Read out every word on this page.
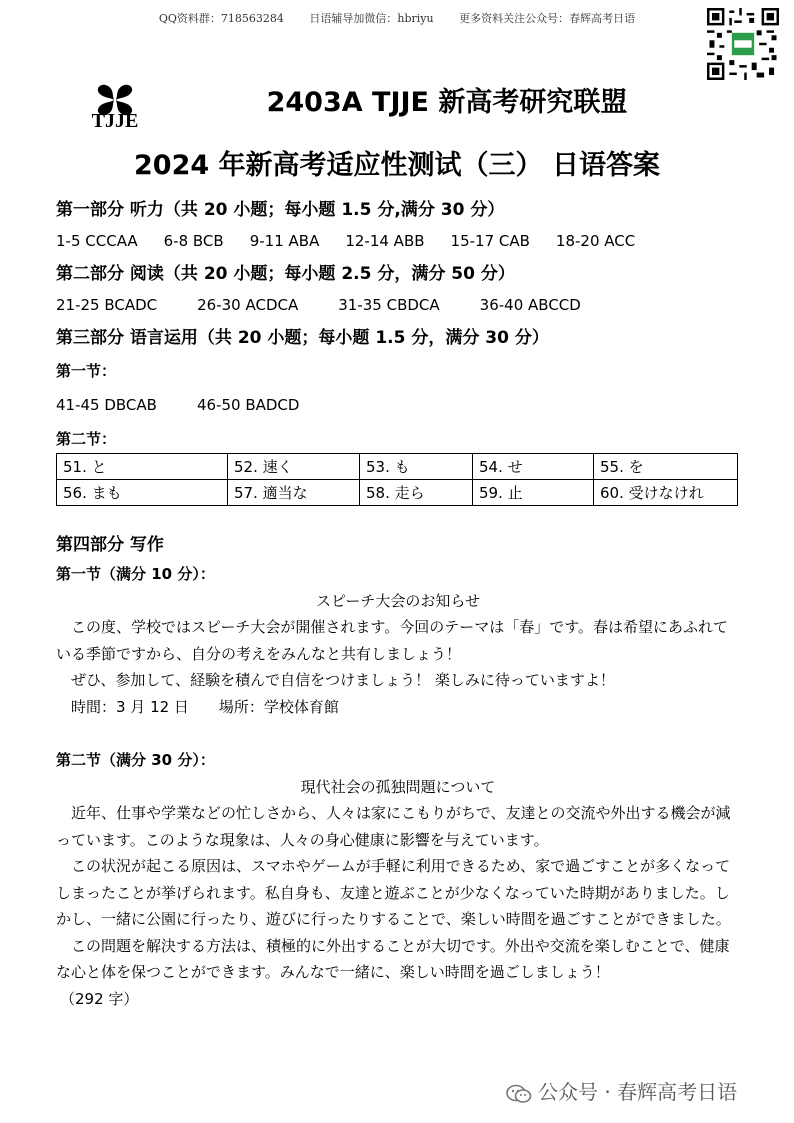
QQ资料群：718563284 日语辅导加微信：hbriyu 更多资料关注公众号：春辉高考日语
TJJE
2403A TJJE 新高考研究联盟
2024 年新高考适应性测试（三） 日语答案

第一部分 听力（共 20 小题；每小题 1.5 分,满分 30 分）

1-5 CCCAA 6-8 BCB 9-11 ABA 12-14 ABB 15-17 CAB 18-20 ACC

第二部分 阅读（共 20 小题；每小题 2.5 分，满分 50 分）

21-25 BCADC	26-30 ACDCA	31-35 CBDCA	36-40 ABCCD

第三部分 语言运用（共 20 小题；每小题 1.5 分，满分 30 分）

第一节：

41-45 DBCAB	46-50 BADCD

第二节：

51. と	52. 速く	53. も	54. せ	55. を
56. まも	57. 適当な	58. 走ら	59. 止	60. 受けなけれ

第四部分 写作

第一节（满分 10 分）：

スピーチ大会のお知らせ

この度、学校ではスピーチ大会が開催されます。今回のテーマは「春」です。春は希望にあふれている季節ですから、自分の考えをみんなと共有しましょう！

ぜひ、参加して、経験を積んで自信をつけましょう！ 楽しみに待っていますよ！

時間：3 月 12 日　　場所：学校体育館

第二节（满分 30 分）：

現代社会の孤独問題について

近年、仕事や学業などの忙しさから、人々は家にこもりがちで、友達との交流や外出する機会が減っています。このような現象は、人々の身心健康に影響を与えています。

この状況が起こる原因は、スマホやゲームが手軽に利用できるため、家で過ごすことが多くなってしまったことが挙げられます。私自身も、友達と遊ぶことが少なくなっていた時期がありました。しかし、一緒に公園に行ったり、遊びに行ったりすることで、楽しい時間を過ごすことができました。

この問題を解決する方法は、積極的に外出することが大切です。外出や交流を楽しむことで、健康な心と体を保つことができます。みんなで一緒に、楽しい時間を過ごしましょう！

（292 字）

公众号 · 春辉高考日语
